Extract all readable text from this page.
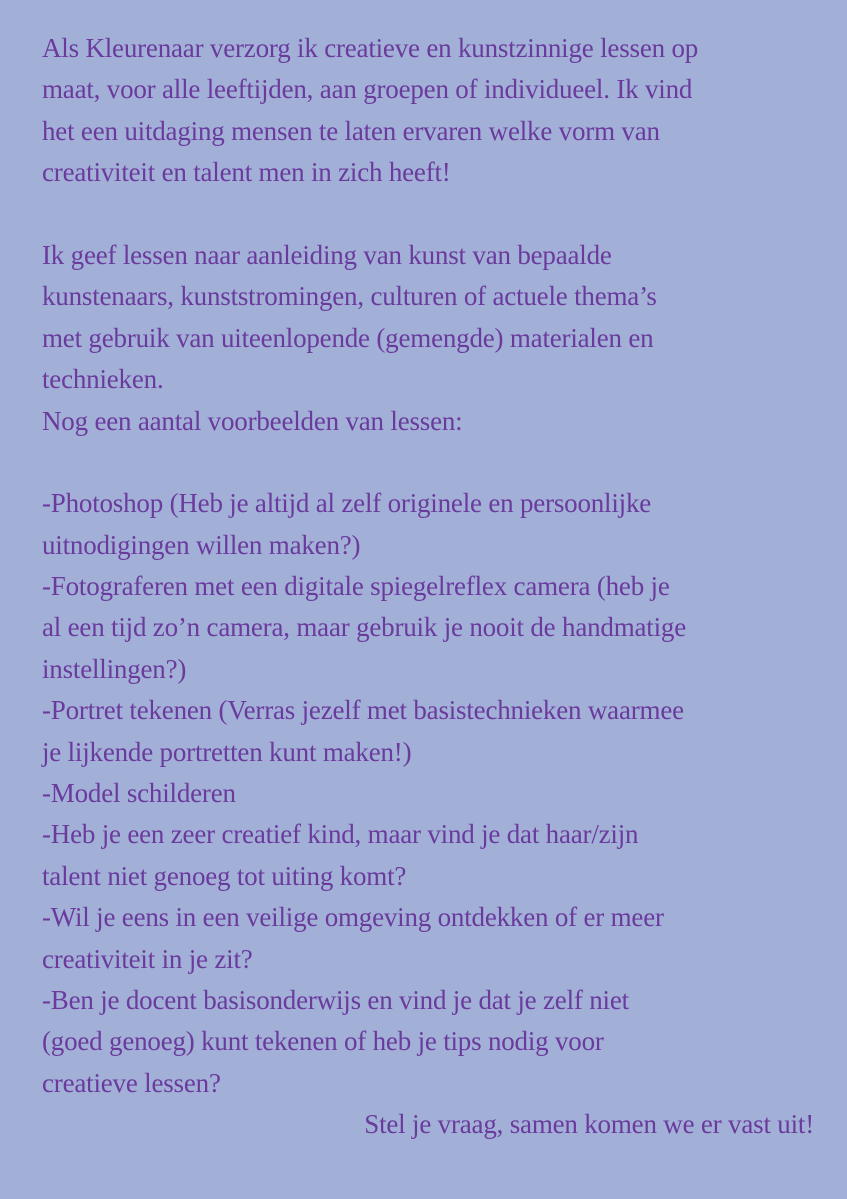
Als Kleurenaar verzorg ik creatieve en kunstzinnige lessen op
maat, voor alle leeftijden, aan groepen of individueel. Ik vind
het een uitdaging mensen te laten ervaren welke vorm van
creativiteit en talent men in zich heeft!
Ik geef lessen naar aanleiding van kunst van bepaalde
kunstenaars, kunststromingen, culturen of actuele thema’s
met gebruik van uiteenlopende (gemengde) materialen en
technieken.
Nog een aantal voorbeelden van lessen:
-Photoshop (Heb je altijd al zelf originele en persoonlijke
uitnodigingen willen maken?)
-Fotograferen met een digitale spiegelreflex camera (heb je
al een tijd zo’n camera, maar gebruik je nooit de handmatige
instellingen?)
-Portret tekenen (Verras jezelf met basistechnieken waarmee
je lijkende portretten kunt maken!)
-Model schilderen
-Heb je een zeer creatief kind, maar vind je dat haar/zijn
talent niet genoeg tot uiting komt?
-Wil je eens in een veilige omgeving ontdekken of er meer
creativiteit in je zit?
-Ben je docent basisonderwijs en vind je dat je zelf niet
(goed genoeg) kunt tekenen of heb je tips nodig voor
creatieve lessen?
Stel je vraag, samen komen we er vast uit!
